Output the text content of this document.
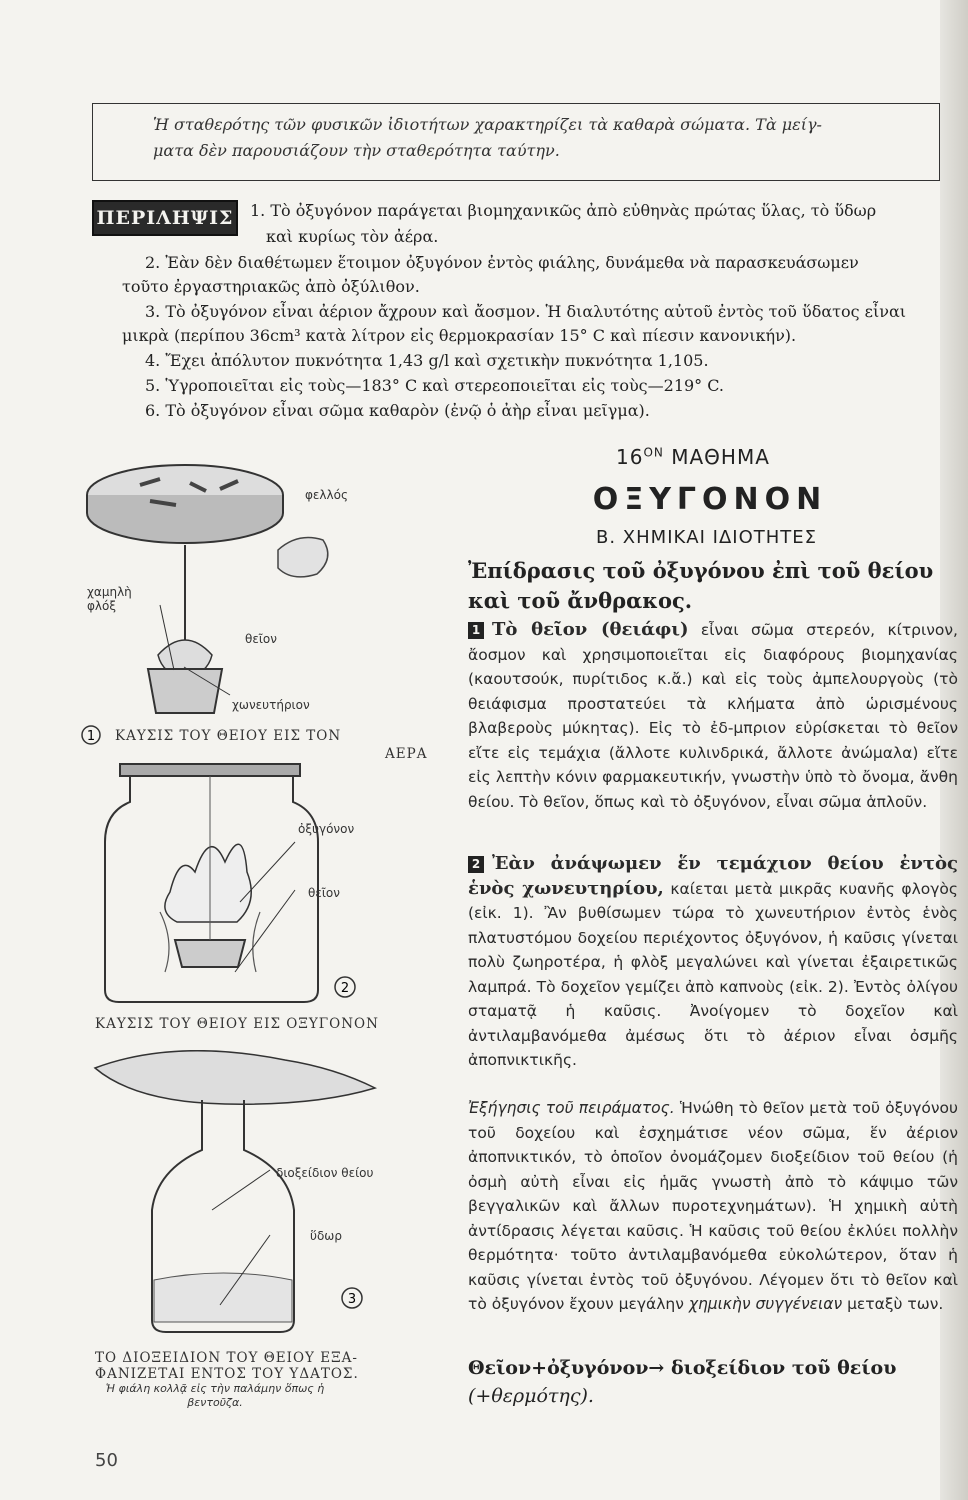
Ἡ σταθερότης τῶν φυσικῶν ἰδιοτήτων χαρακτηρίζει τὰ καθαρὰ σώματα. Τὰ μείγ-
ματα δὲν παρουσιάζουν τὴν σταθερότητα ταύτην.
ΠΕΡΙΛΗΨΙΣ 1. Τὸ ὀξυγόνον παράγεται βιομηχανικῶς ἀπὸ εὐθηνὰς πρώτας ὕλας, τὸ ὕδωρ
καὶ κυρίως τὸν ἀέρα.
2. Ἐὰν δὲν διαθέτωμεν ἕτοιμον ὀξυγόνον ἐντὸς φιάλης, δυνάμεθα νὰ παρασκευάσωμεν
τοῦτο ἐργαστηριακῶς ἀπὸ ὀξύλιθον.
3. Τὸ ὀξυγόνον εἶναι ἀέριον ἄχρουν καὶ ἄοσμον. Ἡ διαλυτότης αὐτοῦ ἐντὸς τοῦ ὕδατος εἶναι
μικρὰ (περίπου 36cm³ κατὰ λίτρον εἰς θερμοκρασίαν 15° C καὶ πίεσιν κανονικήν).
4. Ἔχει ἀπόλυτον πυκνότητα 1,43 g/l καὶ σχετικὴν πυκνότητα 1,105.
5. Ὑγροποιεῖται εἰς τοὺς—183° C καὶ στερεοποιεῖται εἰς τοὺς—219° C.
6. Τὸ ὀξυγόνον εἶναι σῶμα καθαρὸν (ἐνῷ ὁ ἀὴρ εἶναι μεῖγμα).
1
φελλός
χαμηλὴ φλόξ
θεῖον
χωνευτήριον
ΚΑΥΣΙΣ ΤΟΥ ΘΕΙΟΥ ΕΙΣ ΤΟΝ
ΑΕΡΑ
2
ὀξυγόνον
θεῖον
ΚΑΥΣΙΣ ΤΟΥ ΘΕΙΟΥ ΕΙΣ ΟΞΥΓΟΝΟΝ
3
διοξείδιον θείου
ὕδωρ
ΤΟ ΔΙΟΞΕΙΔΙΟΝ ΤΟΥ ΘΕΙΟΥ ΕΞΑ-
ΦΑΝΙΖΕΤΑΙ ΕΝΤΟΣ ΤΟΥ ΥΔΑΤΟΣ.
Ἡ φιάλη κολλᾷ εἰς τὴν παλάμην ὅπως ἡ βεντοῦζα.
$16^{ON}$ ΜΑΘΗΜΑ
ΟΞΥΓΟΝΟΝ
Β. ΧΗΜΙΚΑΙ ΙΔΙΟΤΗΤΕΣ
Ἐπίδρασις τοῦ ὀξυγόνου ἐπὶ τοῦ θείου καὶ τοῦ ἄνθρακος.
1 Τὸ θεῖον (θειάφι) εἶναι σῶμα στερεόν, κίτρινον, ἄοσμον καὶ χρησιμοποιεῖται εἰς διαφόρους βιομηχανίας (καουτσούκ, πυρίτιδος κ.ἄ.) καὶ εἰς τοὺς ἀμπελουργοὺς (τὸ θειάφισμα προστατεύει τὰ κλήματα ἀπὸ ὡρισμένους βλαβεροὺς μύκητας). Εἰς τὸ ἐδ-μπριον εὑρίσκεται τὸ θεῖον εἴτε εἰς τεμάχια (ἄλλοτε κυλινδρικά, ἄλλοτε ἀνώμαλα) εἴτε εἰς λεπτὴν κόνιν φαρμακευτικήν, γνωστὴν ὑπὸ τὸ ὄνομα, ἄνθη θείου. Τὸ θεῖον, ὅπως καὶ τὸ ὀξυγόνον, εἶναι σῶμα ἁπλοῦν.
2 Ἐὰν ἀνάψωμεν ἕν τεμάχιον θείου ἐντὸς ἑνὸς χωνευτηρίου, καίεται μετὰ μικρᾶς κυανῆς φλογὸς (εἰκ. 1). Ἂν βυθίσωμεν τώρα τὸ χωνευτήριον ἐντὸς ἑνὸς πλατυστόμου δοχείου περιέχοντος ὀξυγόνον, ἡ καῦσις γίνεται πολὺ ζωηροτέρα, ἡ φλὸξ μεγαλώνει καὶ γίνεται ἐξαιρετικῶς λαμπρά. Τὸ δοχεῖον γεμίζει ἀπὸ καπνοὺς (εἰκ. 2). Ἐντὸς ὀλίγου σταματᾷ ἡ καῦσις. Ἀνοίγομεν τὸ δοχεῖον καὶ ἀντιλαμβανόμεθα ἀμέσως ὅτι τὸ ἀέριον εἶναι ὀσμῆς ἀποπνικτικῆς.
Ἐξήγησις τοῦ πειράματος. Ἡνώθη τὸ θεῖον μετὰ τοῦ ὀξυγόνου τοῦ δοχείου καὶ ἐσχημάτισε νέον σῶμα, ἕν ἀέριον ἀποπνικτικόν, τὸ ὁποῖον ὀνομάζομεν διοξείδιον τοῦ θείου (ἡ ὀσμὴ αὐτὴ εἶναι εἰς ἡμᾶς γνωστὴ ἀπὸ τὸ κάψιμο τῶν βεγγαλικῶν καὶ ἄλλων πυροτεχνημάτων). Ἡ χημικὴ αὐτὴ ἀντίδρασις λέγεται καῦσις. Ἡ καῦσις τοῦ θείου ἐκλύει πολλὴν θερμότητα· τοῦτο ἀντιλαμβανόμεθα εὐκολώτερον, ὅταν ἡ καῦσις γίνεται ἐντὸς τοῦ ὀξυγόνου. Λέγομεν ὅτι τὸ θεῖον καὶ τὸ ὀξυγόνον ἔχουν μεγάλην χημικὴν συγγένειαν μεταξὺ των.
Θεῖον+ὀξυγόνον→ διοξείδιον τοῦ θείου (+θερμότης).
50
